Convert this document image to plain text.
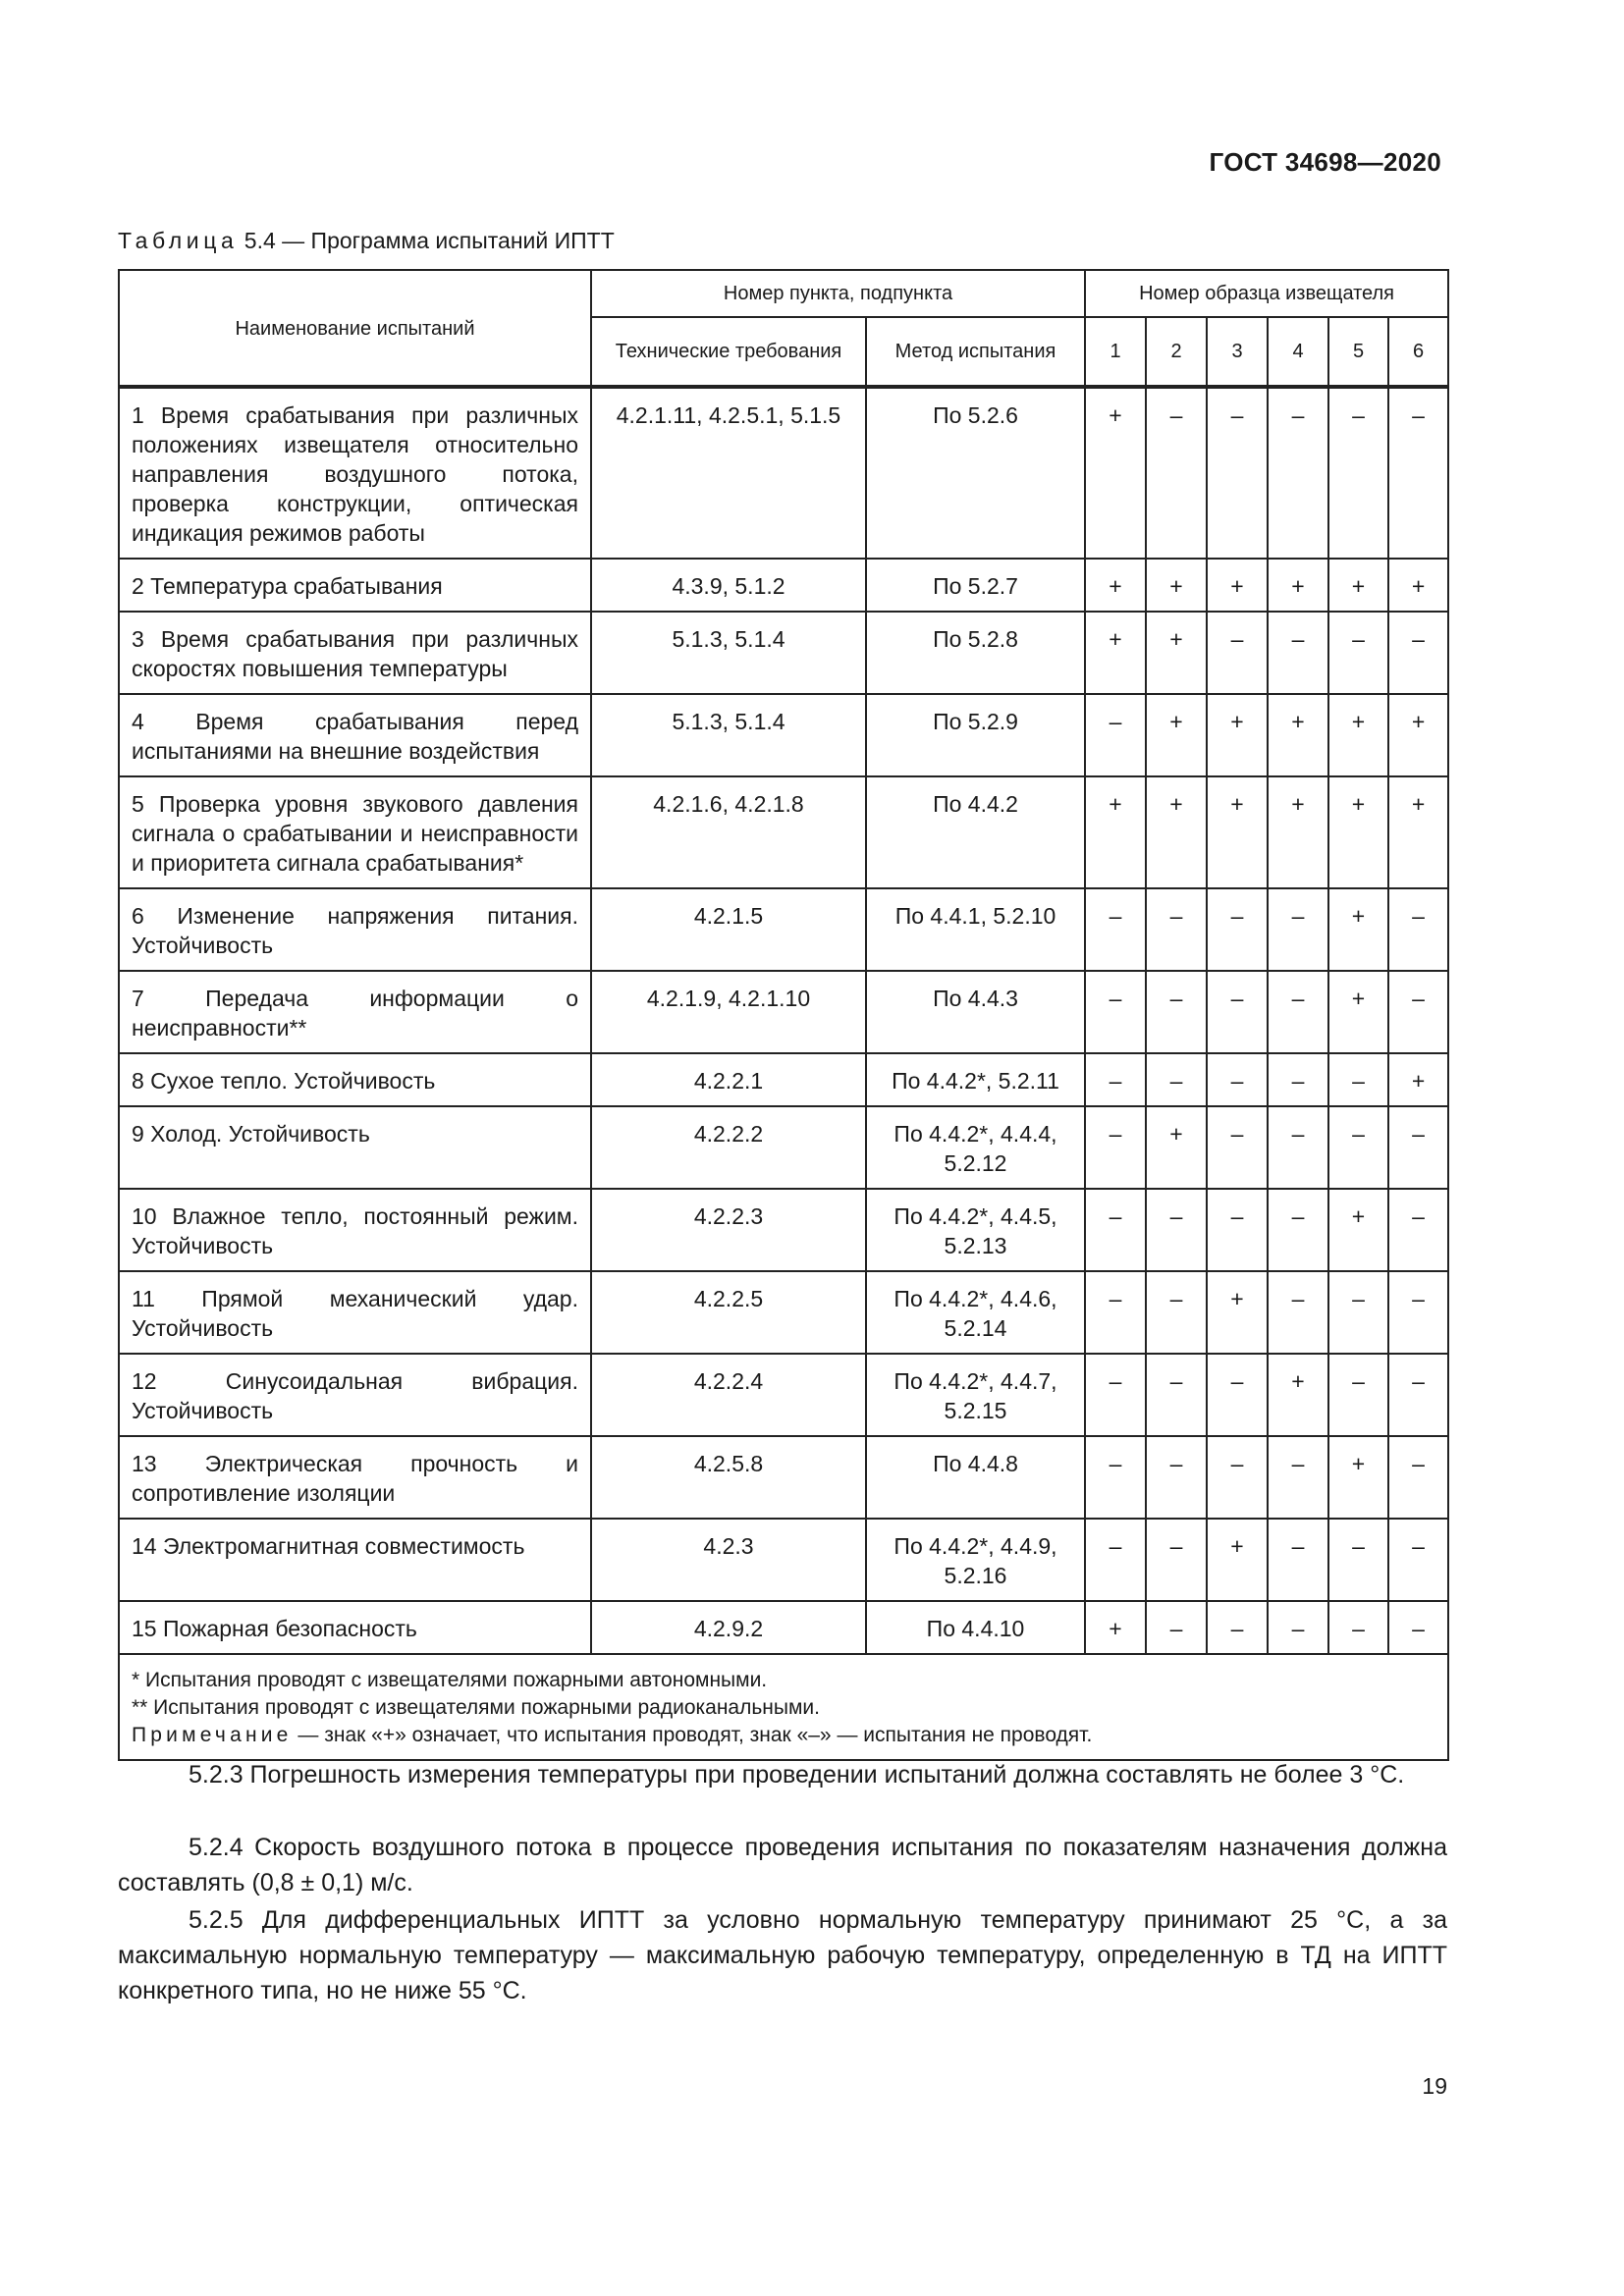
ГОСТ 34698—2020
Таблица 5.4 — Программа испытаний ИПТТ
Наименование испытаний	Номер пункта, подпункта		Номер образца извещателя					
	Технические требования	Метод испытания	1	2	3	4	5	6
1 Время срабатывания при различных положениях извещателя относительно направления воздушного потока, проверка конструкции, оптическая индикация режимов работы	4.2.1.11, 4.2.5.1, 5.1.5	По 5.2.6	+	–	–	–	–	–
2 Температура срабатывания	4.3.9, 5.1.2	По 5.2.7	+	+	+	+	+	+
3 Время срабатывания при различных скоростях повышения температуры	5.1.3, 5.1.4	По 5.2.8	+	+	–	–	–	–
4 Время срабатывания перед испытаниями на внешние воздействия	5.1.3, 5.1.4	По 5.2.9	–	+	+	+	+	+
5 Проверка уровня звукового давления сигнала о срабатывании и неисправности и приоритета сигнала срабатывания*	4.2.1.6, 4.2.1.8	По 4.4.2	+	+	+	+	+	+
6 Изменение напряжения питания. Устойчивость	4.2.1.5	По 4.4.1, 5.2.10	–	–	–	–	+	–
7 Передача информации о неисправности**	4.2.1.9, 4.2.1.10	По 4.4.3	–	–	–	–	+	–
8 Сухое тепло. Устойчивость	4.2.2.1	По 4.4.2*, 5.2.11	–	–	–	–	–	+
9 Холод. Устойчивость	4.2.2.2	По 4.4.2*, 4.4.4, 5.2.12	–	+	–	–	–	–
10 Влажное тепло, постоянный режим. Устойчивость	4.2.2.3	По 4.4.2*, 4.4.5, 5.2.13	–	–	–	–	+	–
11 Прямой механический удар. Устойчивость	4.2.2.5	По 4.4.2*, 4.4.6, 5.2.14	–	–	+	–	–	–
12 Синусоидальная вибрация. Устойчивость	4.2.2.4	По 4.4.2*, 4.4.7, 5.2.15	–	–	–	+	–	–
13 Электрическая прочность и сопротивление изоляции	4.2.5.8	По 4.4.8	–	–	–	–	+	–
14 Электромагнитная совместимость	4.2.3	По 4.4.2*, 4.4.9, 5.2.16	–	–	+	–	–	–
15 Пожарная безопасность	4.2.9.2	По 4.4.10	+	–	–	–	–	–

* Испытания проводят с извещателями пожарными автономными.
** Испытания проводят с извещателями пожарными радиоканальными.
Примечание — знак «+» означает, что испытания проводят, знак «–» — испытания не проводят.								

5.2.3 Погрешность измерения температуры при проведении испытаний должна составлять не более 3 °С.

5.2.4 Скорость воздушного потока в процессе проведения испытания по показателям назначения должна составлять (0,8 ± 0,1) м/с.

5.2.5 Для дифференциальных ИПТТ за условно нормальную температуру принимают 25 °С, а за максимальную нормальную температуру — максимальную рабочую температуру, определенную в ТД на ИПТТ конкретного типа, но не ниже 55 °С.

19
